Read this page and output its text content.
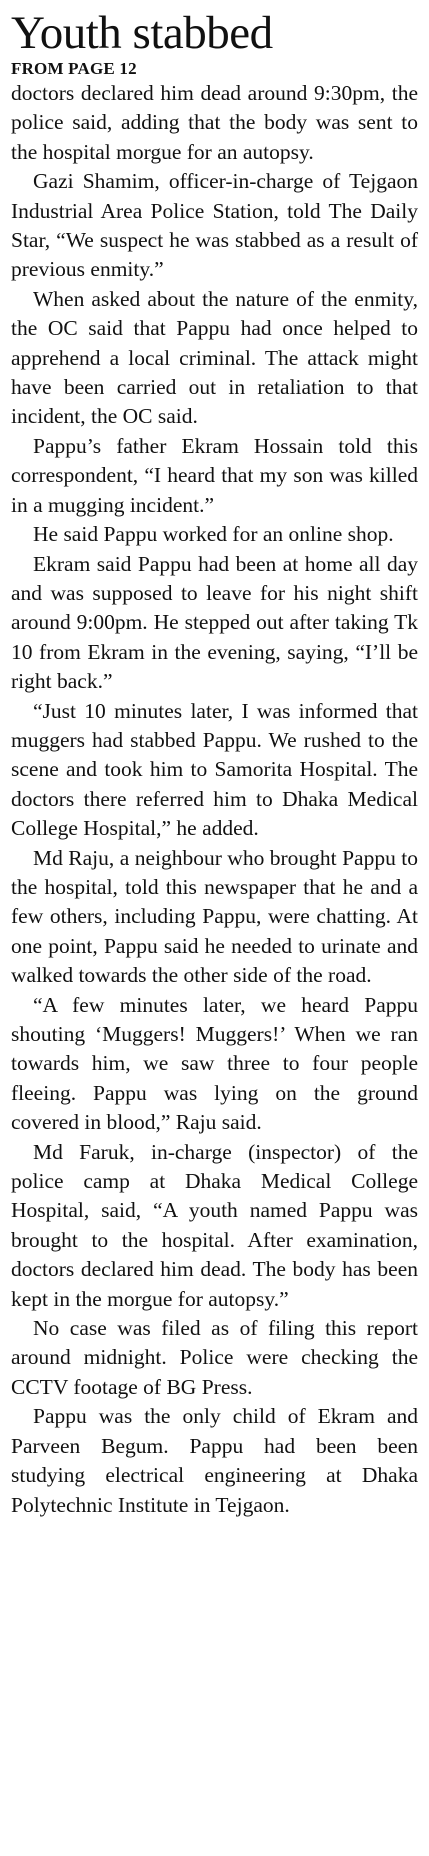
Youth stabbed
FROM PAGE 12

doctors declared him dead around 9:30pm, the police said, adding that the body was sent to the hospital morgue for an autopsy.

Gazi Shamim, officer-in-charge of Tejgaon Industrial Area Police Station, told The Daily Star, “We suspect he was stabbed as a result of previous enmity.”

When asked about the nature of the enmity, the OC said that Pappu had once helped to apprehend a local criminal. The attack might have been carried out in retaliation to that incident, the OC said.

Pappu’s father Ekram Hossain told this correspondent, “I heard that my son was killed in a mugging incident.”

He said Pappu worked for an online shop.

Ekram said Pappu had been at home all day and was supposed to leave for his night shift around 9:00pm. He stepped out after taking Tk 10 from Ekram in the evening, saying, “I’ll be right back.”

“Just 10 minutes later, I was informed that muggers had stabbed Pappu. We rushed to the scene and took him to Samorita Hospital. The doctors there referred him to Dhaka Medical College Hospital,” he added.

Md Raju, a neighbour who brought Pappu to the hospital, told this newspaper that he and a few others, including Pappu, were chatting. At one point, Pappu said he needed to urinate and walked towards the other side of the road.

“A few minutes later, we heard Pappu shouting ‘Muggers! Muggers!’ When we ran towards him, we saw three to four people fleeing. Pappu was lying on the ground covered in blood,” Raju said.

Md Faruk, in-charge (inspector) of the police camp at Dhaka Medical College Hospital, said, “A youth named Pappu was brought to the hospital. After examination, doctors declared him dead. The body has been kept in the morgue for autopsy.”

No case was filed as of filing this report around midnight. Police were checking the CCTV footage of BG Press.

Pappu was the only child of Ekram and Parveen Begum. Pappu had been been studying electrical engineering at Dhaka Polytechnic Institute in Tejgaon.
